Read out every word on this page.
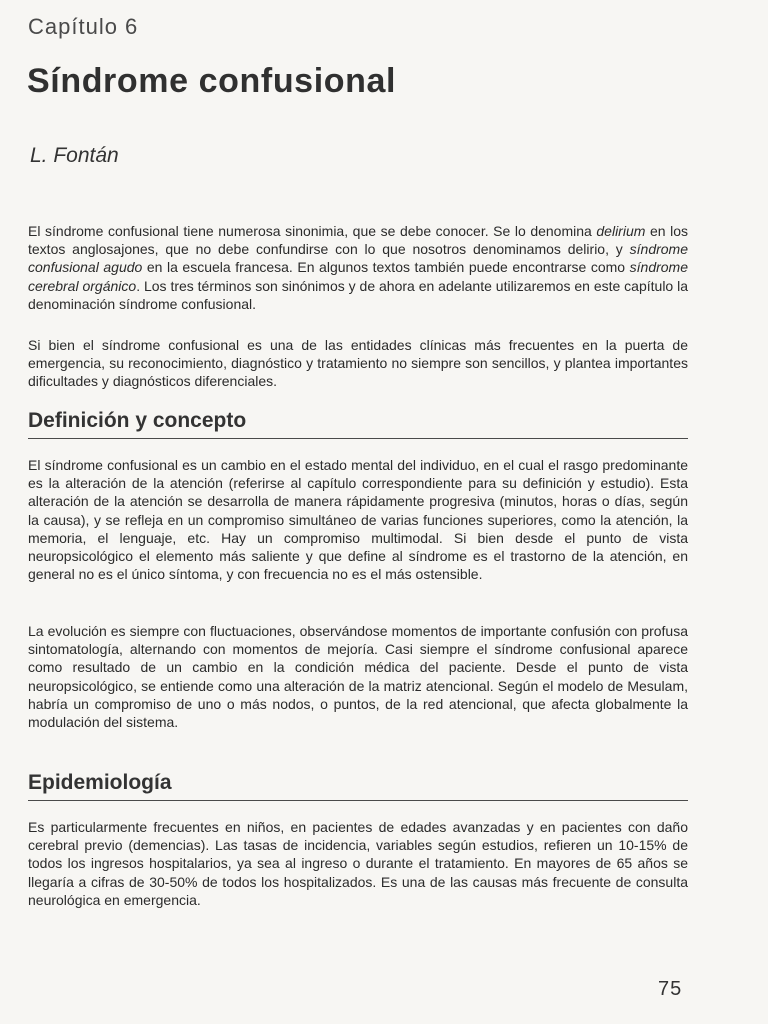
Capítulo 6
Síndrome confusional
L. Fontán

El síndrome confusional tiene numerosa sinonimia, que se debe conocer. Se lo denomina delirium en los textos anglosajones, que no debe confundirse con lo que nosotros denominamos delirio, y síndrome confusional agudo en la escuela francesa. En algunos textos también puede encontrarse como síndrome cerebral orgánico. Los tres términos son sinónimos y de ahora en adelante utilizaremos en este capítulo la denominación síndrome confusional.

Si bien el síndrome confusional es una de las entidades clínicas más frecuentes en la puerta de emergencia, su reconocimiento, diagnóstico y tratamiento no siempre son sencillos, y plantea importantes dificultades y diagnósticos diferenciales.

Definición y concepto

El síndrome confusional es un cambio en el estado mental del individuo, en el cual el rasgo predominante es la alteración de la atención (referirse al capítulo correspondiente para su definición y estudio). Esta alteración de la atención se desarrolla de manera rápidamente progresiva (minutos, horas o días, según la causa), y se refleja en un compromiso simultáneo de varias funciones superiores, como la atención, la memoria, el lenguaje, etc. Hay un compromiso multimodal. Si bien desde el punto de vista neuropsicológico el elemento más saliente y que define al síndrome es el trastorno de la atención, en general no es el único síntoma, y con frecuencia no es el más ostensible.

La evolución es siempre con fluctuaciones, observándose momentos de importante confusión con profusa sintomatología, alternando con momentos de mejoría. Casi siempre el síndrome confusional aparece como resultado de un cambio en la condición médica del paciente. Desde el punto de vista neuropsicológico, se entiende como una alteración de la matriz atencional. Según el modelo de Mesulam, habría un compromiso de uno o más nodos, o puntos, de la red atencional, que afecta globalmente la modulación del sistema.

Epidemiología

Es particularmente frecuentes en niños, en pacientes de edades avanzadas y en pacientes con daño cerebral previo (demencias). Las tasas de incidencia, variables según estudios, refieren un 10-15% de todos los ingresos hospitalarios, ya sea al ingreso o durante el tratamiento. En mayores de 65 años se llegaría a cifras de 30-50% de todos los hospitalizados. Es una de las causas más frecuente de consulta neurológica en emergencia.

75
